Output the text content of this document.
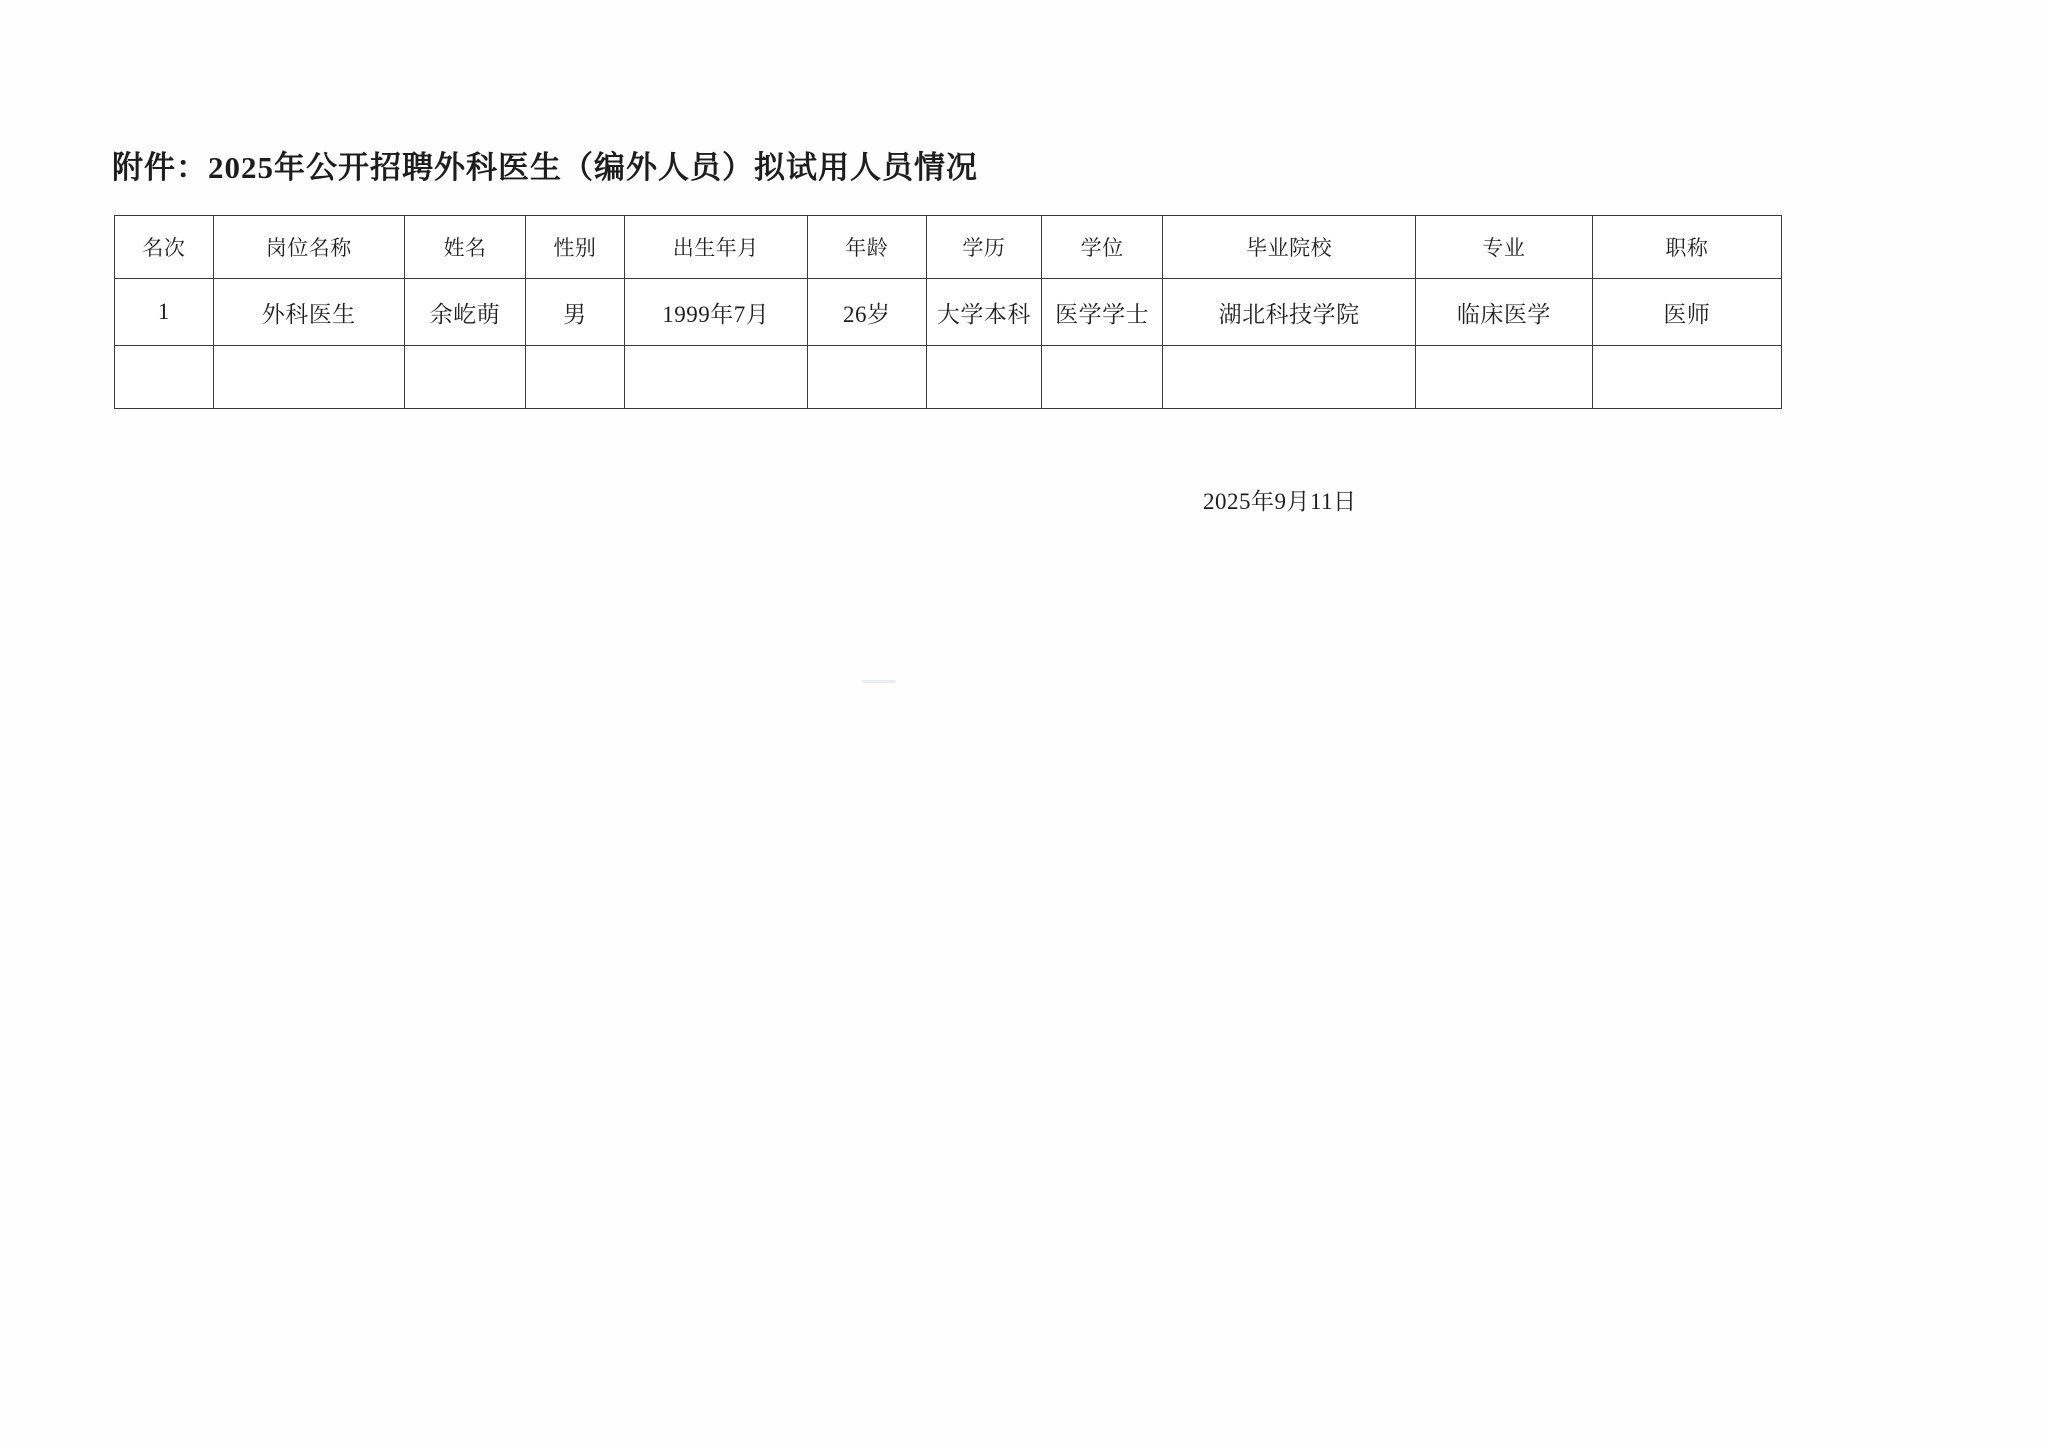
附件：2025年公开招聘外科医生（编外人员）拟试用人员情况
名次	岗位名称	姓名	性别	出生年月	年龄	学历	学位	毕业院校	专业	职称
1	外科医生	余屹萌	男	1999年7月	26岁	大学本科	医学学士	湖北科技学院	临床医学	医师

2025年9月11日
